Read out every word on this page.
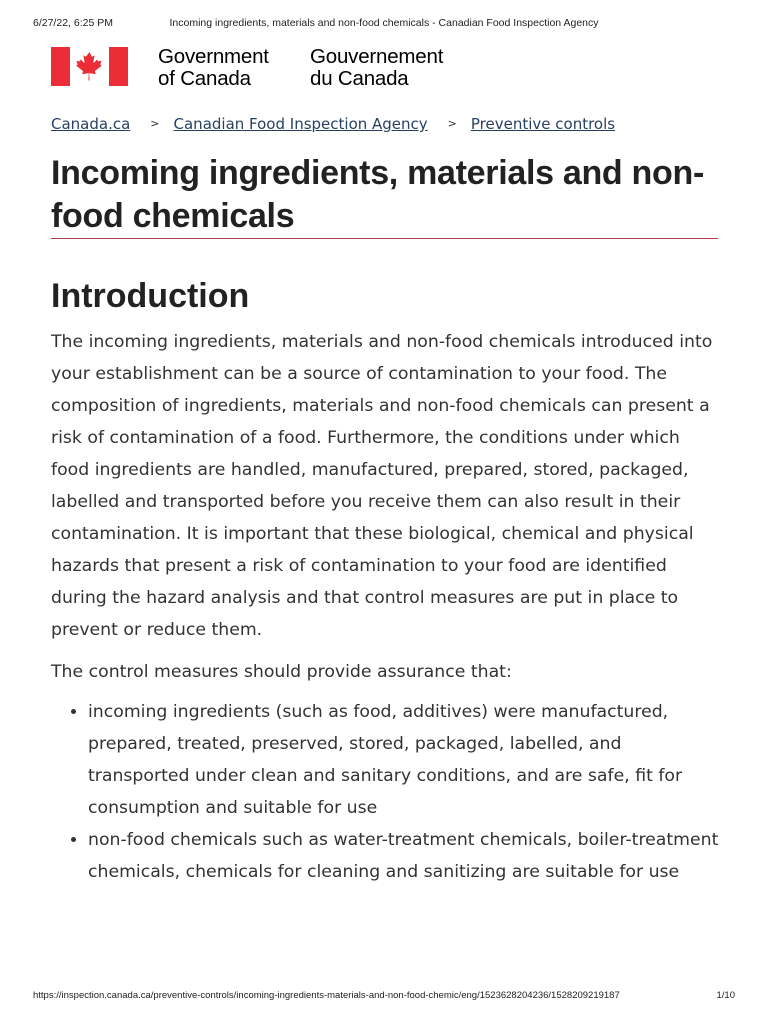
6/27/22, 6:25 PM	Incoming ingredients, materials and non-food chemicals - Canadian Food Inspection Agency
Government
of Canada
Gouvernement
du Canada
Canada.ca > Canadian Food Inspection Agency > Preventive controls
Incoming ingredients, materials and non-food chemicals
Introduction

The incoming ingredients, materials and non-food chemicals introduced into your establishment can be a source of contamination to your food. The composition of ingredients, materials and non-food chemicals can present a risk of contamination of a food. Furthermore, the conditions under which food ingredients are handled, manufactured, prepared, stored, packaged, labelled and transported before you receive them can also result in their contamination. It is important that these biological, chemical and physical hazards that present a risk of contamination to your food are identified during the hazard analysis and that control measures are put in place to prevent or reduce them.

The control measures should provide assurance that:

• incoming ingredients (such as food, additives) were manufactured, prepared, treated, preserved, stored, packaged, labelled, and transported under clean and sanitary conditions, and are safe, fit for consumption and suitable for use
• non-food chemicals such as water-treatment chemicals, boiler-treatment chemicals, chemicals for cleaning and sanitizing are suitable for use
https://inspection.canada.ca/preventive-controls/incoming-ingredients-materials-and-non-food-chemic/eng/1523628204236/1528209219187	1/10
